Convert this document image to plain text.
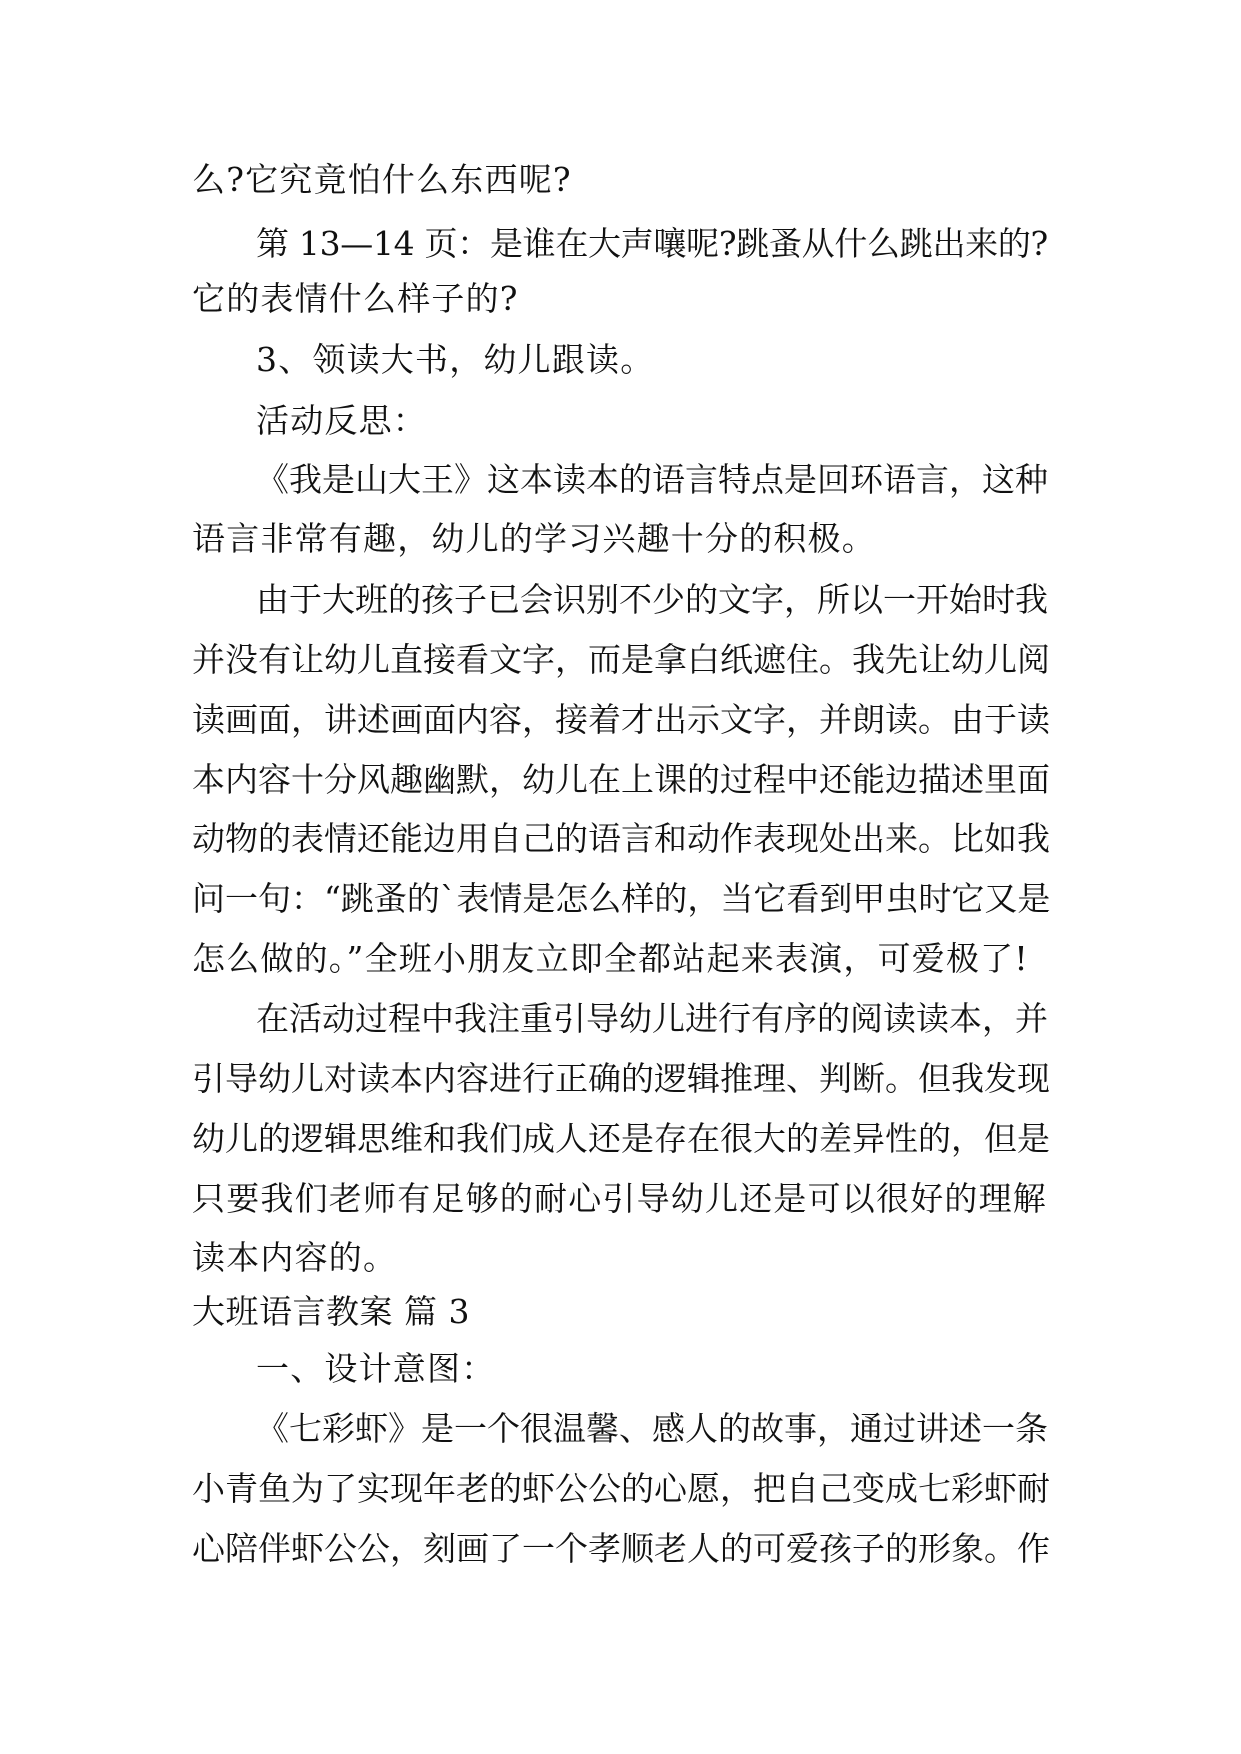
么?它究竟怕什么东西呢?
第 13—14 页：是谁在大声嚷呢?跳蚤从什么跳出来的?
它的表情什么样子的?
3、领读大书，幼儿跟读。
活动反思：
《我是山大王》这本读本的语言特点是回环语言，这种
语言非常有趣，幼儿的学习兴趣十分的积极。
由于大班的孩子已会识别不少的文字，所以一开始时我
并没有让幼儿直接看文字，而是拿白纸遮住。我先让幼儿阅
读画面，讲述画面内容，接着才出示文字，并朗读。由于读
本内容十分风趣幽默，幼儿在上课的过程中还能边描述里面
动物的表情还能边用自己的语言和动作表现处出来。比如我
问一句：“跳蚤的`表情是怎么样的，当它看到甲虫时它又是
怎么做的。”全班小朋友立即全都站起来表演，可爱极了!
在活动过程中我注重引导幼儿进行有序的阅读读本，并
引导幼儿对读本内容进行正确的逻辑推理、判断。但我发现
幼儿的逻辑思维和我们成人还是存在很大的差异性的，但是
只要我们老师有足够的耐心引导幼儿还是可以很好的理解
读本内容的。
大班语言教案 篇 3
一、设计意图：
《七彩虾》是一个很温馨、感人的故事，通过讲述一条
小青鱼为了实现年老的虾公公的心愿，把自己变成七彩虾耐
心陪伴虾公公，刻画了一个孝顺老人的可爱孩子的形象。作
